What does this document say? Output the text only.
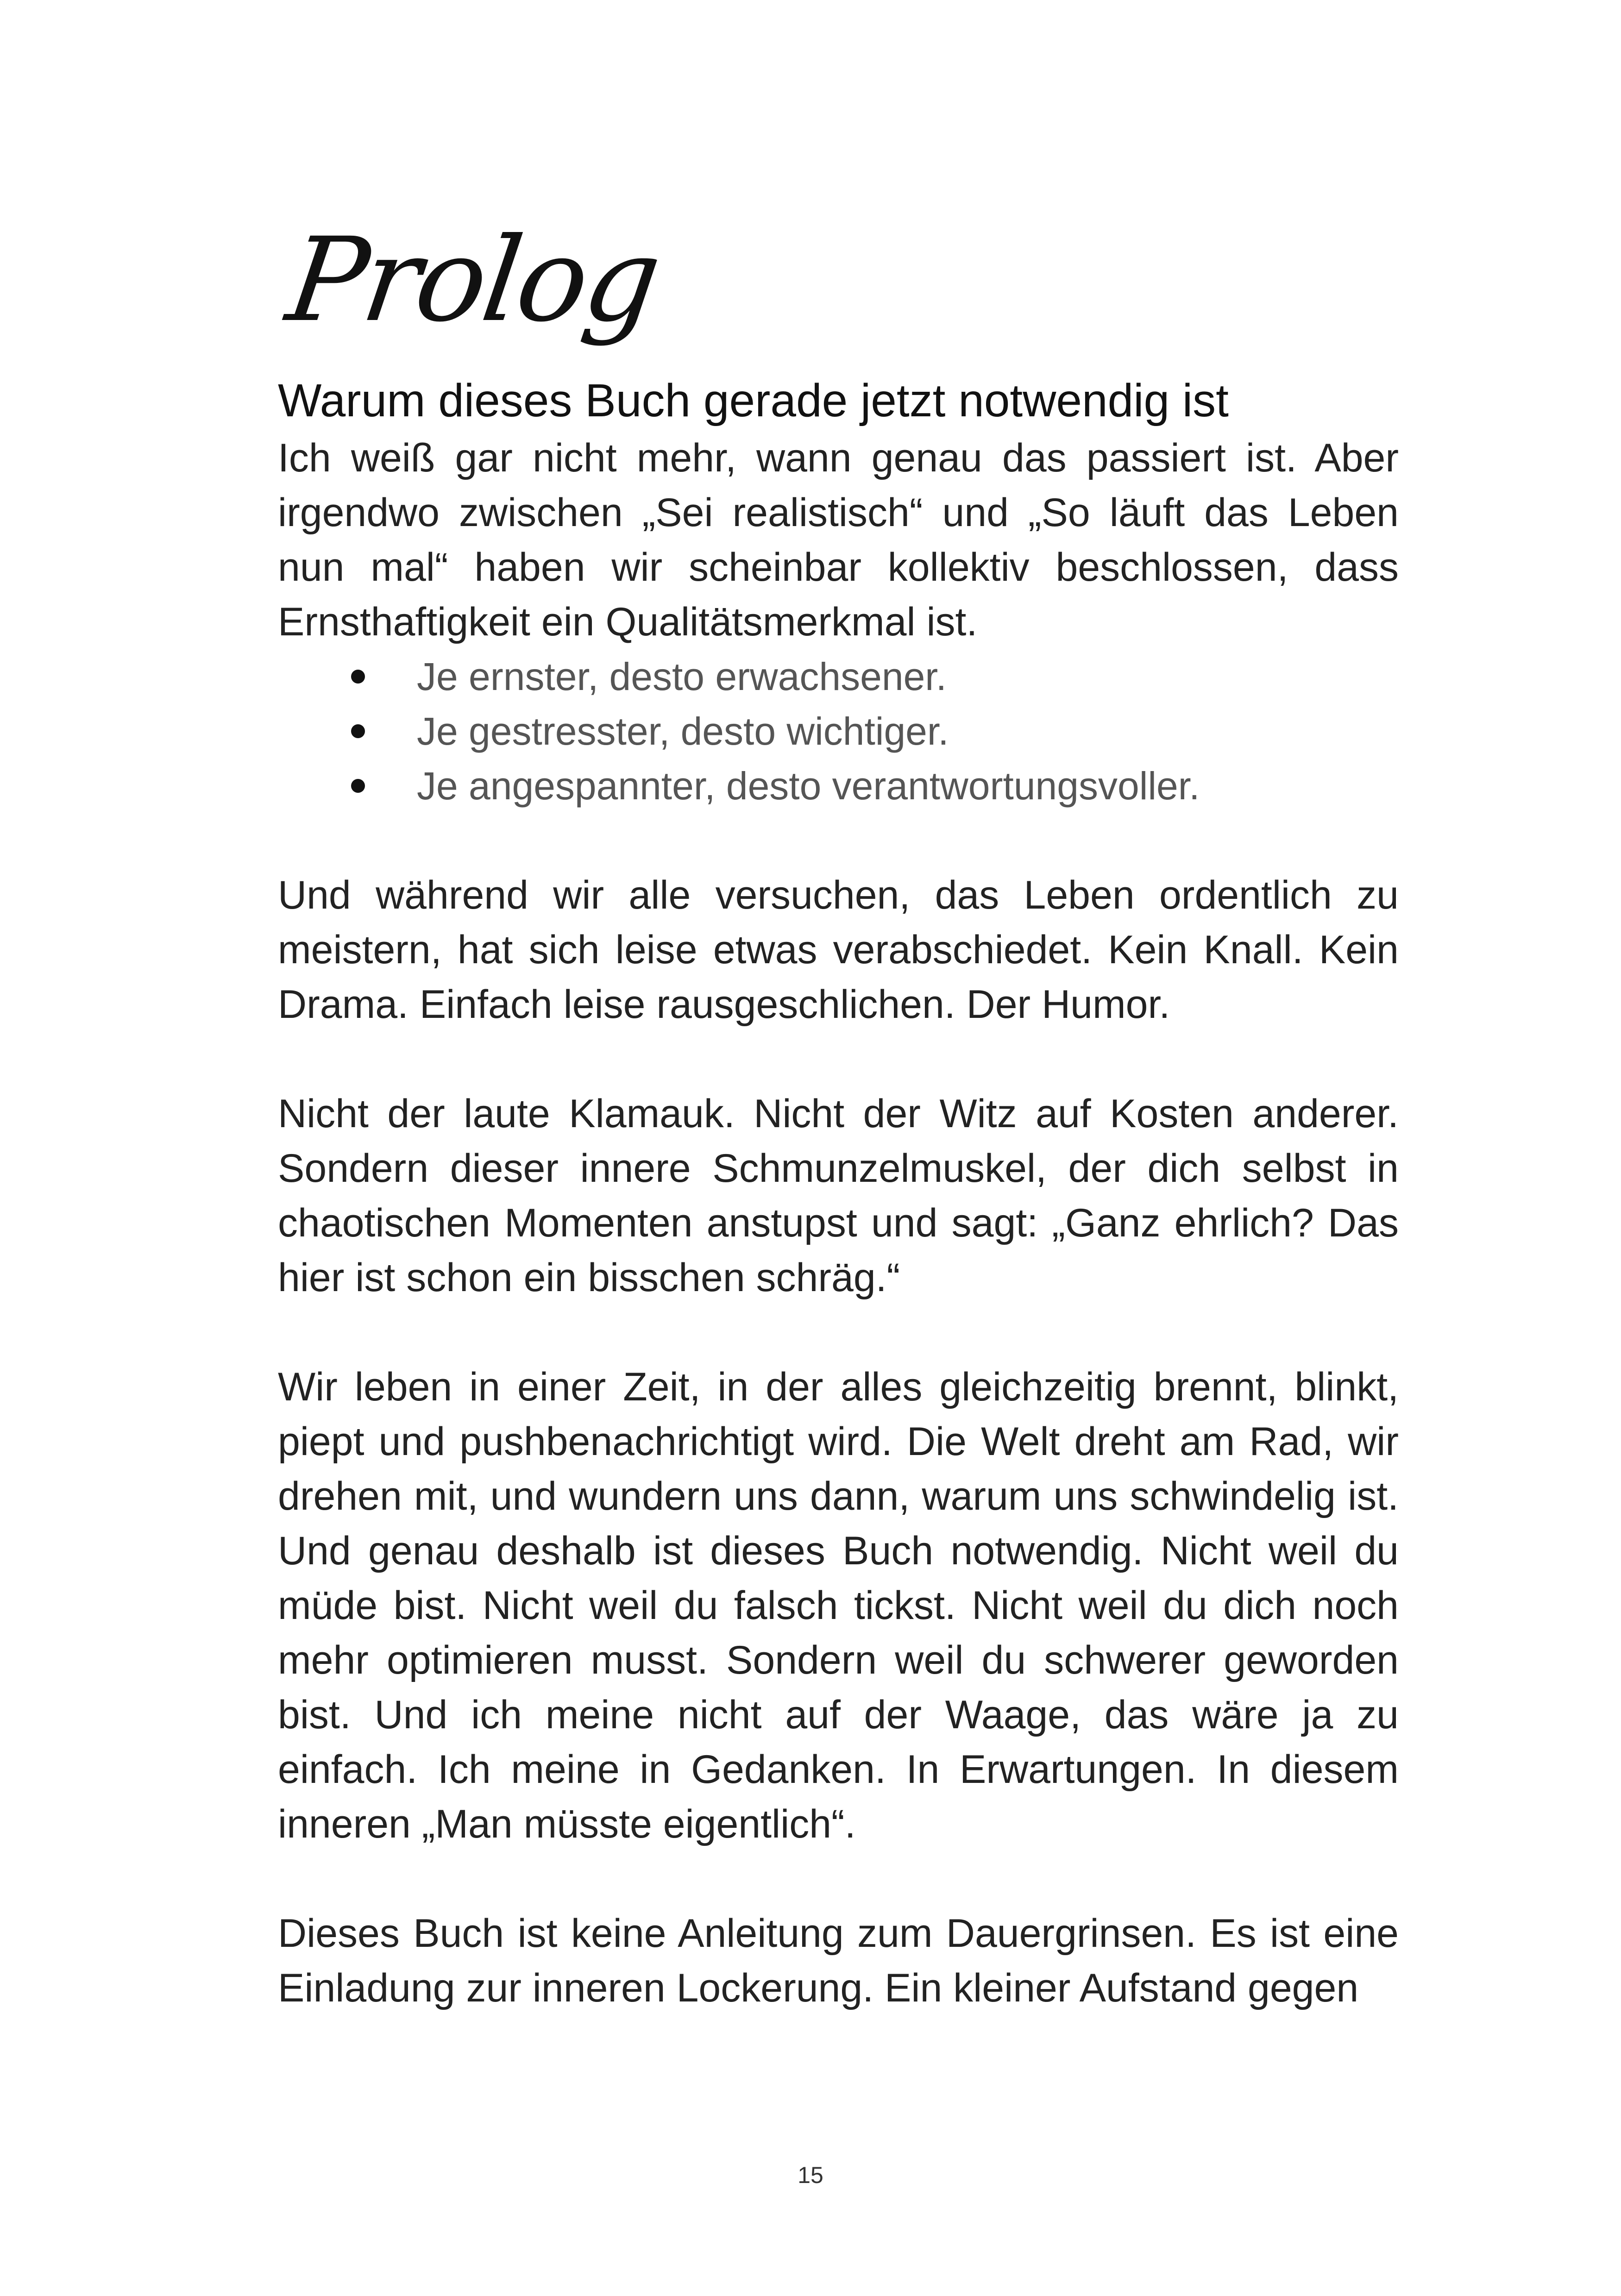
Prolog
Warum dieses Buch gerade jetzt notwendig ist

Ich weiß gar nicht mehr, wann genau das passiert ist. Aber irgendwo zwischen „Sei realistisch“ und „So läuft das Leben nun mal“ haben wir scheinbar kollektiv beschlossen, dass Ernsthaftigkeit ein Qualitätsmerkmal ist.

Je ernster, desto erwachsener.
Je gestresster, desto wichtiger.
Je angespannter, desto verantwortungsvoller.

Und während wir alle versuchen, das Leben ordentlich zu meistern, hat sich leise etwas verabschiedet. Kein Knall. Kein Drama. Einfach leise rausgeschlichen. Der Humor.

Nicht der laute Klamauk. Nicht der Witz auf Kosten anderer. Sondern dieser innere Schmunzelmuskel, der dich selbst in chaotischen Momenten anstupst und sagt: „Ganz ehrlich? Das hier ist schon ein bisschen schräg.“

Wir leben in einer Zeit, in der alles gleichzeitig brennt, blinkt, piept und pushbenachrichtigt wird. Die Welt dreht am Rad, wir drehen mit, und wundern uns dann, warum uns schwindelig ist. Und genau deshalb ist dieses Buch notwendig. Nicht weil du müde bist. Nicht weil du falsch tickst. Nicht weil du dich noch mehr optimieren musst. Sondern weil du schwerer geworden bist. Und ich meine nicht auf der Waage, das wäre ja zu einfach. Ich meine in Gedanken. In Erwartungen. In diesem inneren „Man müsste eigentlich“.

Dieses Buch ist keine Anleitung zum Dauergrinsen. Es ist eine Einladung zur inneren Lockerung. Ein kleiner Aufstand gegen

15
